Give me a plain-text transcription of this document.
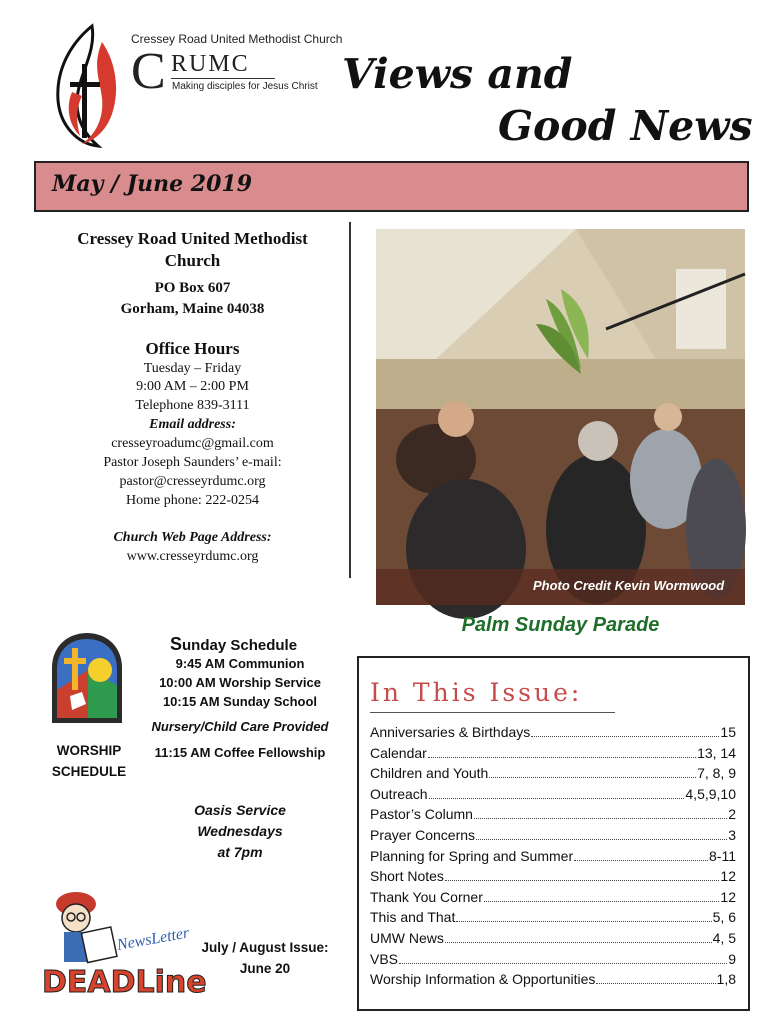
Cressey Road United Methodist Church
C RUMC
Making disciples for Jesus Christ Views and
Good News
May / June 2019
Cressey Road United Methodist
Church
PO Box 607
Gorham, Maine 04038
Office Hours
Tuesday – Friday
9:00 AM – 2:00 PM
Telephone 839-3111
Email address:
cresseyroadumc@gmail.com
Pastor Joseph Saunders’ e-mail:
pastor@cresseyrdumc.org
Home phone: 222-0254
Church Web Page Address:
www.cresseyrdumc.org
Photo Credit Kevin Wormwood
Palm Sunday Parade
Sunday Schedule
9:45 AM Communion
10:00 AM Worship Service
10:15 AM Sunday School
Nursery/Child Care Provided
11:15 AM Coffee Fellowship
WORSHIP
SCHEDULE
Oasis Service
Wednesdays
at 7pm
NewsLetter
DEADLine
July / August Issue:
June 20
In This Issue:
Anniversaries & Birthdays	15
Calendar	13, 14
Children and Youth	7, 8, 9
Outreach	4,5,9,10
Pastor’s Column	2
Prayer Concerns	3
Planning for Spring and Summer	8-11
Short Notes	12
Thank You Corner	12
This and That	5, 6
UMW News	4, 5
VBS	9
Worship Information & Opportunities	1,8
